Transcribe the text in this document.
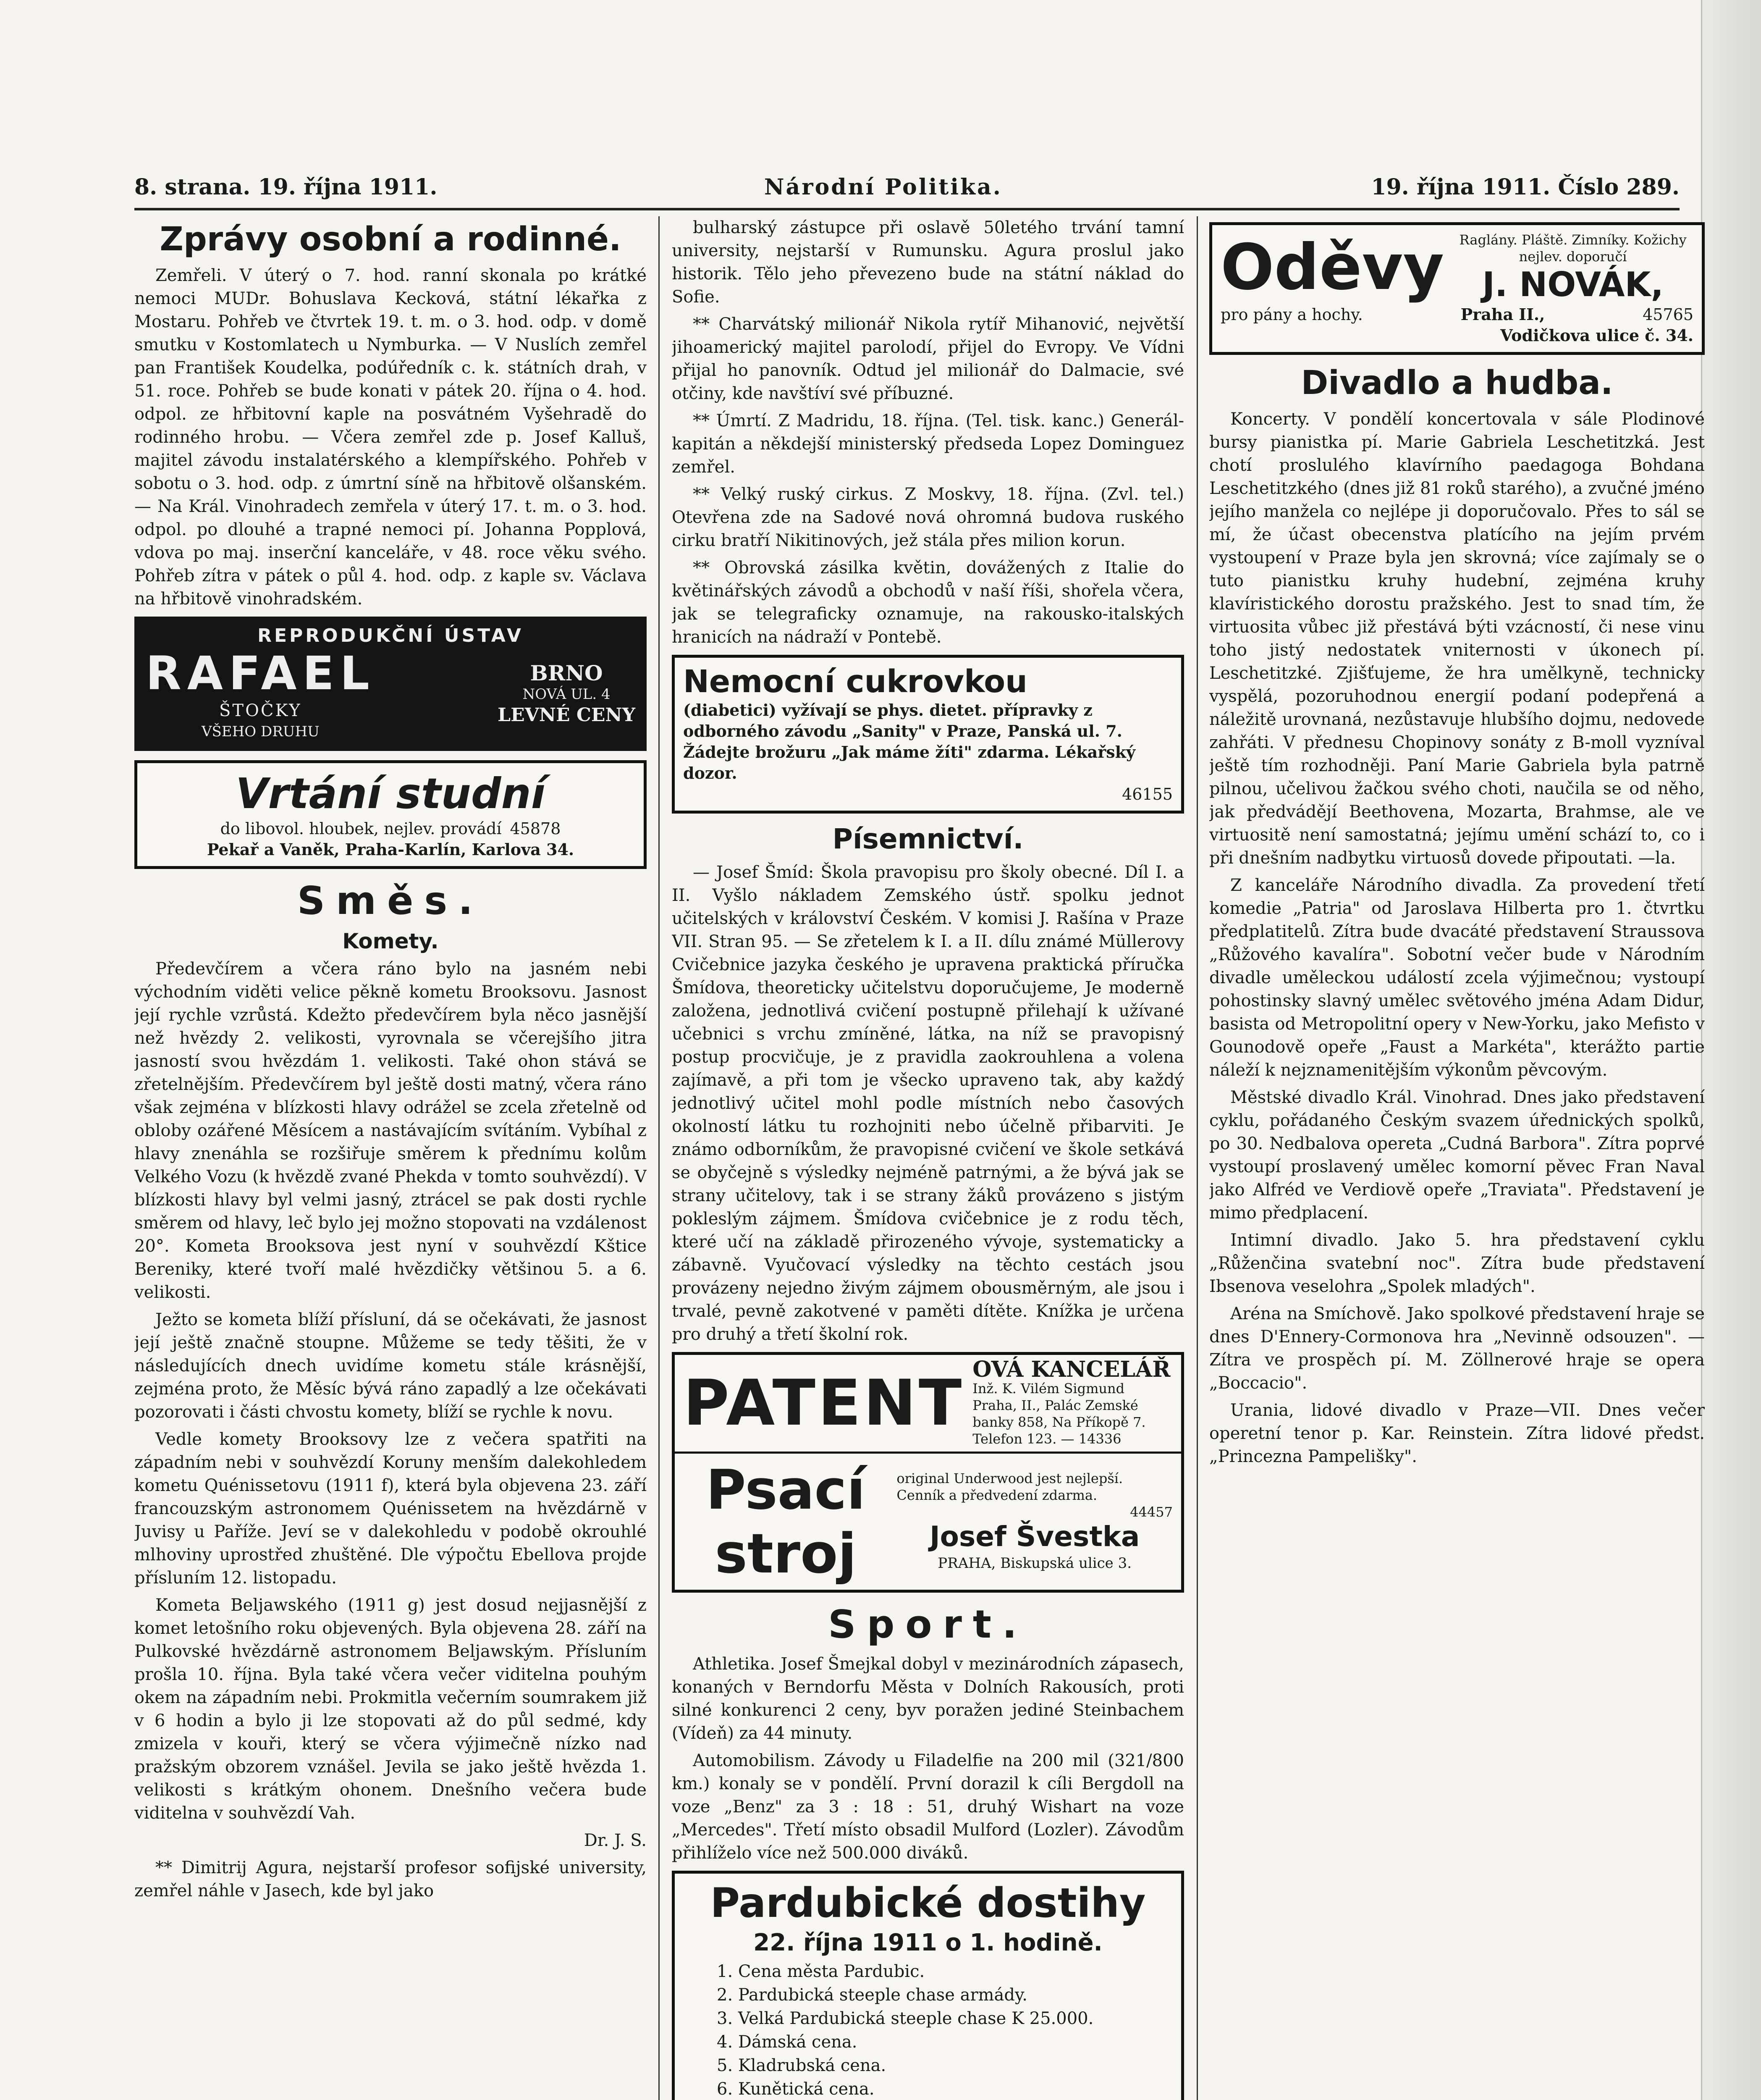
8. strana. 19. října 1911.	Národní Politika.	19. října 1911. Číslo 289.
Zprávy osobní a rodinné.

Zemřeli. V úterý o 7. hod. ranní skonala po krátké nemoci MUDr. Bohuslava Kecková, státní lékařka z Mostaru. Pohřeb ve čtvrtek 19. t. m. o 3. hod. odp. v domě smutku v Kostomlatech u Nymburka. — V Nuslích zemřel pan František Koudelka, podúředník c. k. státních drah, v 51. roce. Pohřeb se bude konati v pátek 20. října o 4. hod. odpol. ze hřbitovní kaple na posvátném Vyšehradě do rodinného hrobu. — Včera zemřel zde p. Josef Kalluš, majitel závodu instalatérského a klempířského. Pohřeb v sobotu o 3. hod. odp. z úmrtní síně na hřbitově olšanském. — Na Král. Vinohradech zemřela v úterý 17. t. m. o 3. hod. odpol. po dlouhé a trapné nemoci pí. Johanna Popplová, vdova po maj. inserční kanceláře, v 48. roce věku svého. Pohřeb zítra v pátek o půl 4. hod. odp. z kaple sv. Václava na hřbitově vinohradském.

REPRODUKČNÍ ÚSTAV
RAFAEL
ŠTOČKY
VŠEHO DRUHU
BRNO
NOVÁ UL. 4
LEVNÉ CENY
Vrtání studní
do libovol. hloubek, nejlev. provádí 45878
Pekař a Vaněk, Praha-Karlín, Karlova 34.
Směs.
Komety.

Předevčírem a včera ráno bylo na jasném nebi východním viděti velice pěkně kometu Brooksovu. Jasnost její rychle vzrůstá. Kdežto předevčírem byla něco jasnější než hvězdy 2. velikosti, vyrovnala se včerejšího jitra jasností svou hvězdám 1. velikosti. Také ohon stává se zřetelnějším. Předevčírem byl ještě dosti matný, včera ráno však zejména v blízkosti hlavy odrážel se zcela zřetelně od obloby ozářené Měsícem a nastávajícím svítáním. Vybíhal z hlavy znenáhla se rozšiřuje směrem k přednímu kolům Velkého Vozu (k hvězdě zvané Phekda v tomto souhvězdí). V blízkosti hlavy byl velmi jasný, ztrácel se pak dosti rychle směrem od hlavy, leč bylo jej možno stopovati na vzdálenost 20°. Kometa Brooksova jest nyní v souhvězdí Kštice Bereniky, které tvoří malé hvězdičky většinou 5. a 6. velikosti.

Ježto se kometa blíží přísluní, dá se očekávati, že jasnost její ještě značně stoupne. Můžeme se tedy těšiti, že v následujících dnech uvidíme kometu stále krásnější, zejména proto, že Měsíc bývá ráno zapadlý a lze očekávati pozorovati i části chvostu komety, blíží se rychle k novu.

Vedle komety Brooksovy lze z večera spatřiti na západním nebi v souhvězdí Koruny menším dalekohledem kometu Quénissetovu (1911 f), která byla objevena 23. září francouzským astronomem Quénissetem na hvězdárně v Juvisy u Paříže. Jeví se v dalekohledu v podobě okrouhlé mlhoviny uprostřed zhuštěné. Dle výpočtu Ebellova projde přísluním 12. listopadu.

Kometa Beljawského (1911 g) jest dosud nejjasnější z komet letošního roku objevených. Byla objevena 28. září na Pulkovské hvězdárně astronomem Beljawským. Přísluním prošla 10. října. Byla také včera večer viditelna pouhým okem na západním nebi. Prokmitla večerním soumrakem již v 6 hodin a bylo ji lze stopovati až do půl sedmé, kdy zmizela v kouři, který se včera výjimečně nízko nad pražským obzorem vznášel. Jevila se jako ještě hvězda 1. velikosti s krátkým ohonem. Dnešního večera bude viditelna v souhvězdí Vah.

Dr. J. S.

** Dimitrij Agura, nejstarší profesor sofijské university, zemřel náhle v Jasech, kde byl jako

bulharský zástupce při oslavě 50letého trvání tamní university, nejstarší v Rumunsku. Agura proslul jako historik. Tělo jeho převezeno bude na státní náklad do Sofie.

** Charvátský milionář Nikola rytíř Mihanović, největší jihoamerický majitel parolodí, přijel do Evropy. Ve Vídni přijal ho panovník. Odtud jel milionář do Dalmacie, své otčiny, kde navštíví své příbuzné.

** Úmrtí. Z Madridu, 18. října. (Tel. tisk. kanc.) Generál-kapitán a někdejší ministerský předseda Lopez Dominguez zemřel.

** Velký ruský cirkus. Z Moskvy, 18. října. (Zvl. tel.) Otevřena zde na Sadové nová ohromná budova ruského cirku bratří Nikitinových, jež stála přes milion korun.

** Obrovská zásilka květin, dovážených z Italie do květinářských závodů a obchodů v naší říši, shořela včera, jak se telegraficky oznamuje, na rakousko-italských hranicích na nádraží v Pontebě.

Nemocní cukrovkou
(diabetici) vyžívají se phys. dietet. přípravky z odborného závodu „Sanity" v Praze, Panská ul. 7. Žádejte brožuru „Jak máme žíti" zdarma. Lékařský dozor.
46155
Písemnictví.

— Josef Šmíd: Škola pravopisu pro školy obecné. Díl I. a II. Vyšlo nákladem Zemského ústř. spolku jednot učitelských v království Českém. V komisi J. Rašína v Praze VII. Stran 95. — Se zřetelem k I. a II. dílu známé Müllerovy Cvičebnice jazyka českého je upravena praktická příručka Šmídova, theoreticky učitelstvu doporučujeme, Je moderně založena, jednotlivá cvičení postupně přilehají k užívané učebnici s vrchu zmíněné, látka, na níž se pravopisný postup procvičuje, je z pravidla zaokrouhlena a volena zajímavě, a při tom je všecko upraveno tak, aby každý jednotlivý učitel mohl podle místních nebo časových okolností látku tu rozhojniti nebo účelně přibarviti. Je známo odborníkům, že pravopisné cvičení ve škole setkává se obyčejně s výsledky nejméně patrnými, a že bývá jak se strany učitelovy, tak i se strany žáků provázeno s jistým pokleslým zájmem. Šmídova cvičebnice je z rodu těch, které učí na základě přirozeného vývoje, systematicky a zábavně. Vyučovací výsledky na těchto cestách jsou provázeny nejedno živým zájmem obousměrným, ale jsou i trvalé, pevně zakotvené v paměti dítěte. Knížka je určena pro druhý a třetí školní rok.

PATENT OVÁ KANCELÁŘ
Inž. K. Vilém Sigmund
Praha, II., Palác Zemské
banky 858, Na Příkopě 7.
Telefon 123. — 14336
Psací stroj
original Underwood jest nejlepší. Cenník a předvedení zdarma.
44457
Josef Švestka
PRAHA, Biskupská ulice 3.
Sport.

Athletika. Josef Šmejkal dobyl v mezinárodních zápasech, konaných v Berndorfu Města v Dolních Rakousích, proti silné konkurenci 2 ceny, byv poražen jediné Steinbachem (Vídeň) za 44 minuty.

Automobilism. Závody u Filadelfie na 200 mil (321/800 km.) konaly se v pondělí. První dorazil k cíli Bergdoll na voze „Benz" za 3 : 18 : 51, druhý Wishart na voze „Mercedes". Třetí místo obsadil Mulford (Lozler). Závodům přihlíželo více než 500.000 diváků.

Pardubické dostihy
22. října 1911 o 1. hodině.
1. Cena města Pardubic.
2. Pardubická steeple chase armády.
3. Velká Pardubická steeple chase K 25.000.
4. Dámská cena.
5. Kladrubská cena.
6. Kunětická cena.

Oděvy	Raglány. Pláště. Zimníky. Kožichy nejlev. doporučí
J. NOVÁK,
pro pány a hochy.	Praha II.,	45765
Vodičkova ulice č. 34.
Divadlo a hudba.

Koncerty. V pondělí koncertovala v sále Plodinové bursy pianistka pí. Marie Gabriela Leschetitzká. Jest chotí proslulého klavírního paedagoga Bohdana Leschetitzkého (dnes již 81 roků starého), a zvučné jméno jejího manžela co nejlépe ji doporučovalo. Přes to sál se mí, že účast obecenstva platícího na jejím prvém vystoupení v Praze byla jen skrovná; více zajímaly se o tuto pianistku kruhy hudební, zejména kruhy klavíristického dorostu pražského. Jest to snad tím, že virtuosita vůbec již přestává býti vzácností, či nese vinu toho jistý nedostatek vniternosti v úkonech pí. Leschetitzké. Zjišťujeme, že hra umělkyně, technicky vyspělá, pozoruhodnou energií podaní podepřená a náležitě urovnaná, nezůstavuje hlubšího dojmu, nedovede zahřáti. V přednesu Chopinovy sonáty z B-moll vyzníval ještě tím rozhodněji. Paní Marie Gabriela byla patrně pilnou, učelivou žačkou svého choti, naučila se od něho, jak předvádějí Beethovena, Mozarta, Brahmse, ale ve virtuositě není samostatná; jejímu umění schází to, co i při dnešním nadbytku virtuosů dovede připoutati. —la.

Z kanceláře Národního divadla. Za provedení třetí komedie „Patria" od Jaroslava Hilberta pro 1. čtvrtku předplatitelů. Zítra bude dvacáté představení Straussova „Růžového kavalíra". Sobotní večer bude v Národním divadle uměleckou událostí zcela výjimečnou; vystoupí pohostinsky slavný umělec světového jména Adam Didur, basista od Metropolitní opery v New-Yorku, jako Mefisto v Gounodově opeře „Faust a Markéta", kterážto partie náleží k nejznamenitějším výkonům pěvcovým.

Městské divadlo Král. Vinohrad. Dnes jako představení cyklu, pořádaného Českým svazem úřednických spolků, po 30. Nedbalova opereta „Cudná Barbora". Zítra poprvé vystoupí proslavený umělec komorní pěvec Fran Naval jako Alfréd ve Verdiově opeře „Traviata". Představení je mimo předplacení.

Intimní divadlo. Jako 5. hra představení cyklu „Růženčina svatební noc". Zítra bude představení Ibsenova veselohra „Spolek mladých".

Aréna na Smíchově. Jako spolkové představení hraje se dnes D'Ennery-Cormonova hra „Nevinně odsouzen". — Zítra ve prospěch pí. M. Zöllnerové hraje se opera „Boccacio".

Urania, lidové divadlo v Praze—VII. Dnes večer operetní tenor p. Kar. Reinstein. Zítra lidové předst. „Princezna Pampelišky".
